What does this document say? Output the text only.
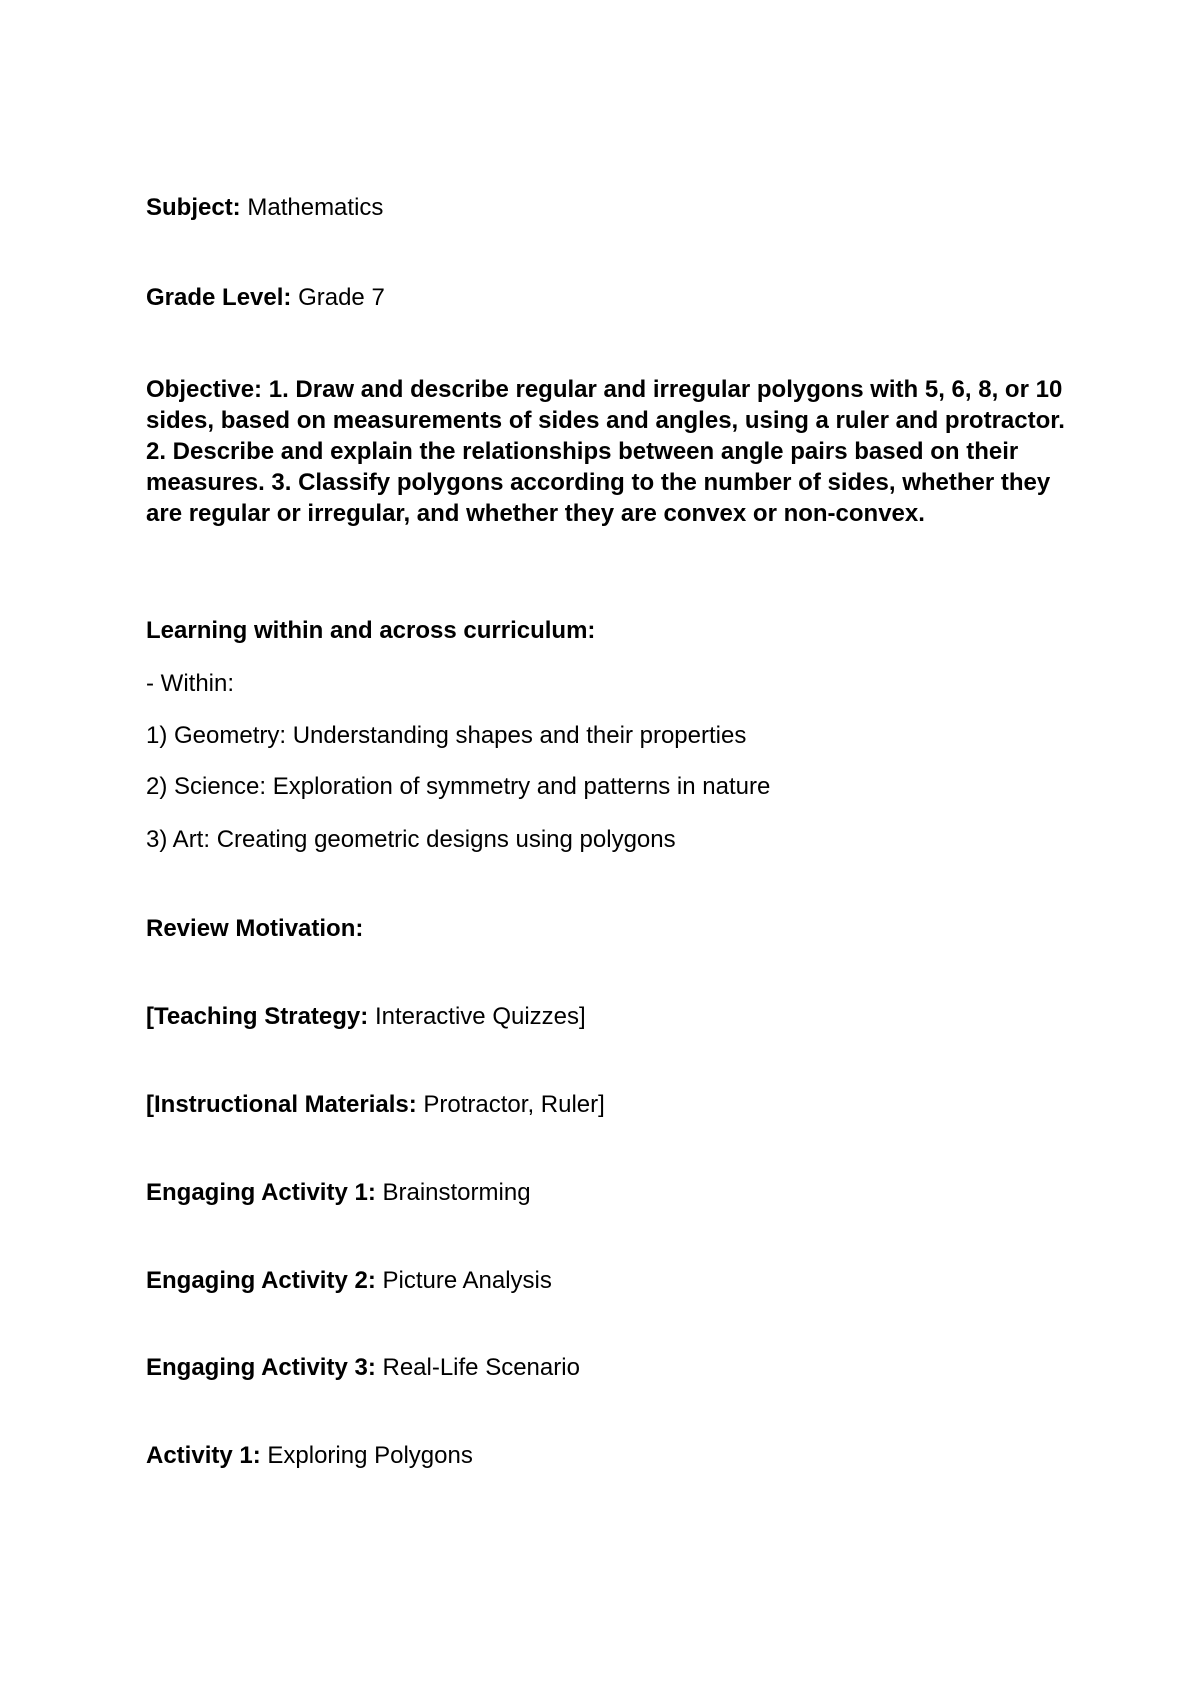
Subject: Mathematics
Grade Level: Grade 7
Objective: 1. Draw and describe regular and irregular polygons with 5, 6, 8, or 10 sides, based on measurements of sides and angles, using a ruler and protractor. 2. Describe and explain the relationships between angle pairs based on their measures. 3. Classify polygons according to the number of sides, whether they are regular or irregular, and whether they are convex or non-convex.
Learning within and across curriculum:
- Within:
1) Geometry: Understanding shapes and their properties
2) Science: Exploration of symmetry and patterns in nature
3) Art: Creating geometric designs using polygons
Review Motivation:
[Teaching Strategy: Interactive Quizzes]
[Instructional Materials: Protractor, Ruler]
Engaging Activity 1: Brainstorming
Engaging Activity 2: Picture Analysis
Engaging Activity 3: Real-Life Scenario
Activity 1: Exploring Polygons
